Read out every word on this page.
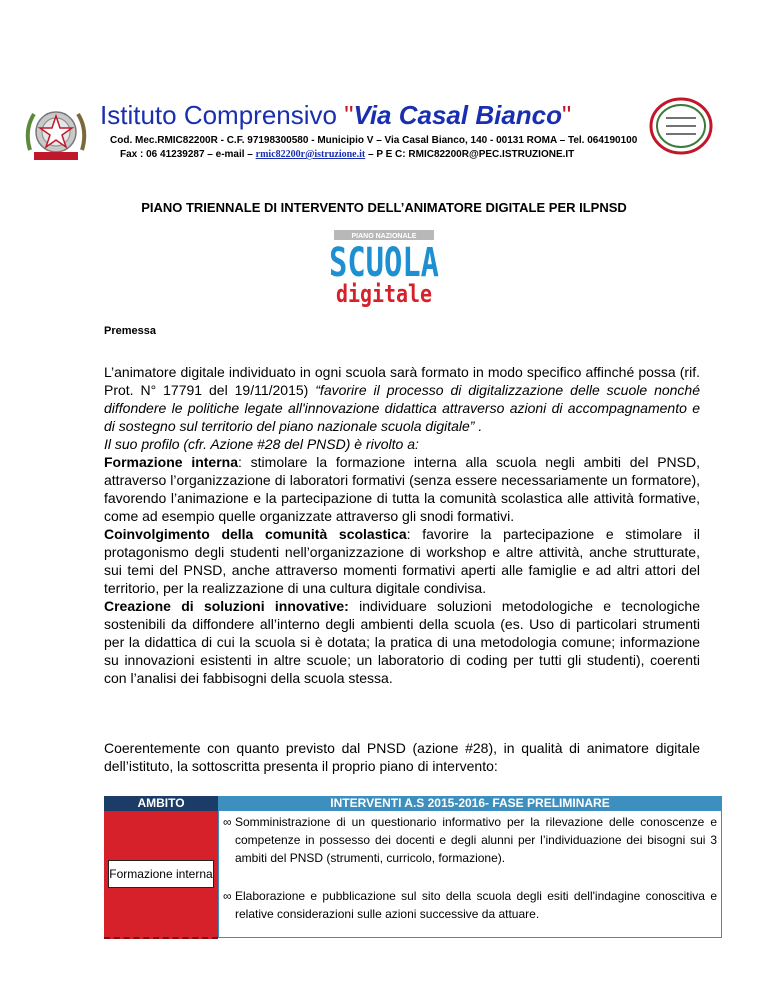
Istituto Comprensivo "Via Casal Bianco"
Cod. Mec.RMIC82200R - C.F. 97198300580 - Municipio V – Via Casal Bianco, 140 - 00131 ROMA – Tel. 064190100
Fax : 06 41239287 – e-mail – rmic82200r@istruzione.it – P E C: RMIC82200R@PEC.ISTRUZIONE.IT
PIANO TRIENNALE DI INTERVENTO DELL’ANIMATORE DIGITALE PER ILPNSD
PIANO NAZIONALE
SCUOLA
digitale
Premessa

L’animatore digitale individuato in ogni scuola sarà formato in modo specifico affinché possa (rif. Prot. N° 17791 del 19/11/2015) “favorire il processo di digitalizzazione delle scuole nonché diffondere le politiche legate all'innovazione didattica attraverso azioni di accompagnamento e di sostegno sul territorio del piano nazionale scuola digitale” .

Il suo profilo (cfr. Azione #28 del PNSD) è rivolto a:

Formazione interna: stimolare la formazione interna alla scuola negli ambiti del PNSD, attraverso l’organizzazione di laboratori formativi (senza essere necessariamente un formatore), favorendo l’animazione e la partecipazione di tutta la comunità scolastica alle attività formative, come ad esempio quelle organizzate attraverso gli snodi formativi.

Coinvolgimento della comunità scolastica: favorire la partecipazione e stimolare il protagonismo degli studenti nell’organizzazione di workshop e altre attività, anche strutturate, sui temi del PNSD, anche attraverso momenti formativi aperti alle famiglie e ad altri attori del territorio, per la realizzazione di una cultura digitale condivisa.

Creazione di soluzioni innovative: individuare soluzioni metodologiche e tecnologiche sostenibili da diffondere all’interno degli ambienti della scuola (es. Uso di particolari strumenti per la didattica di cui la scuola si è dotata; la pratica di una metodologia comune; informazione su innovazioni esistenti in altre scuole; un laboratorio di coding per tutti gli studenti), coerenti con l’analisi dei fabbisogni della scuola stessa.

Coerentemente con quanto previsto dal PNSD (azione #28), in qualità di animatore digitale dell’istituto, la sottoscritta presenta il proprio piano di intervento:
AMBITO	INTERVENTI A.S 2015-2016- FASE PRELIMINARE
Formazione interna
∞ Somministrazione di un questionario informativo per la rilevazione delle conoscenze e competenze in possesso dei docenti e degli alunni per l’individuazione dei bisogni sui 3 ambiti del PNSD (strumenti, curricolo, formazione).
∞ Elaborazione e pubblicazione sul sito della scuola degli esiti dell'indagine conoscitiva e relative considerazioni sulle azioni successive da attuare.
